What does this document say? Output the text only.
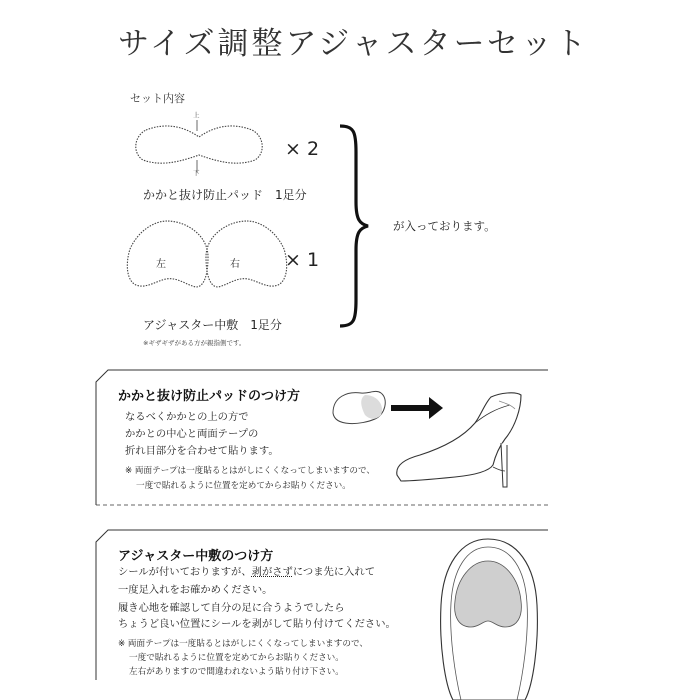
サイズ調整アジャスターセット
セット内容
上
下
× 2
かかと抜け防止パッド　1足分
左	右 × 1
アジャスター中敷　1足分
※ギザギザがある方が親指側です。
が入っております。
かかと抜け防止パッドのつけ方
なるべくかかとの上の方で
かかとの中心と両面テープの
折れ目部分を合わせて貼ります。
※ 両面テープは一度貼るとはがしにくくなってしまいますので、
一度で貼れるように位置を定めてからお貼りください。
アジャスター中敷のつけ方
シールが付いておりますが、剥がさずにつま先に入れて
一度足入れをお確かめください。
履き心地を確認して自分の足に合うようでしたら
ちょうど良い位置にシールを剥がして貼り付けてください。
※ 両面テープは一度貼るとはがしにくくなってしまいますので、
一度で貼れるように位置を定めてからお貼りください。
左右がありますので間違われないよう貼り付け下さい。
